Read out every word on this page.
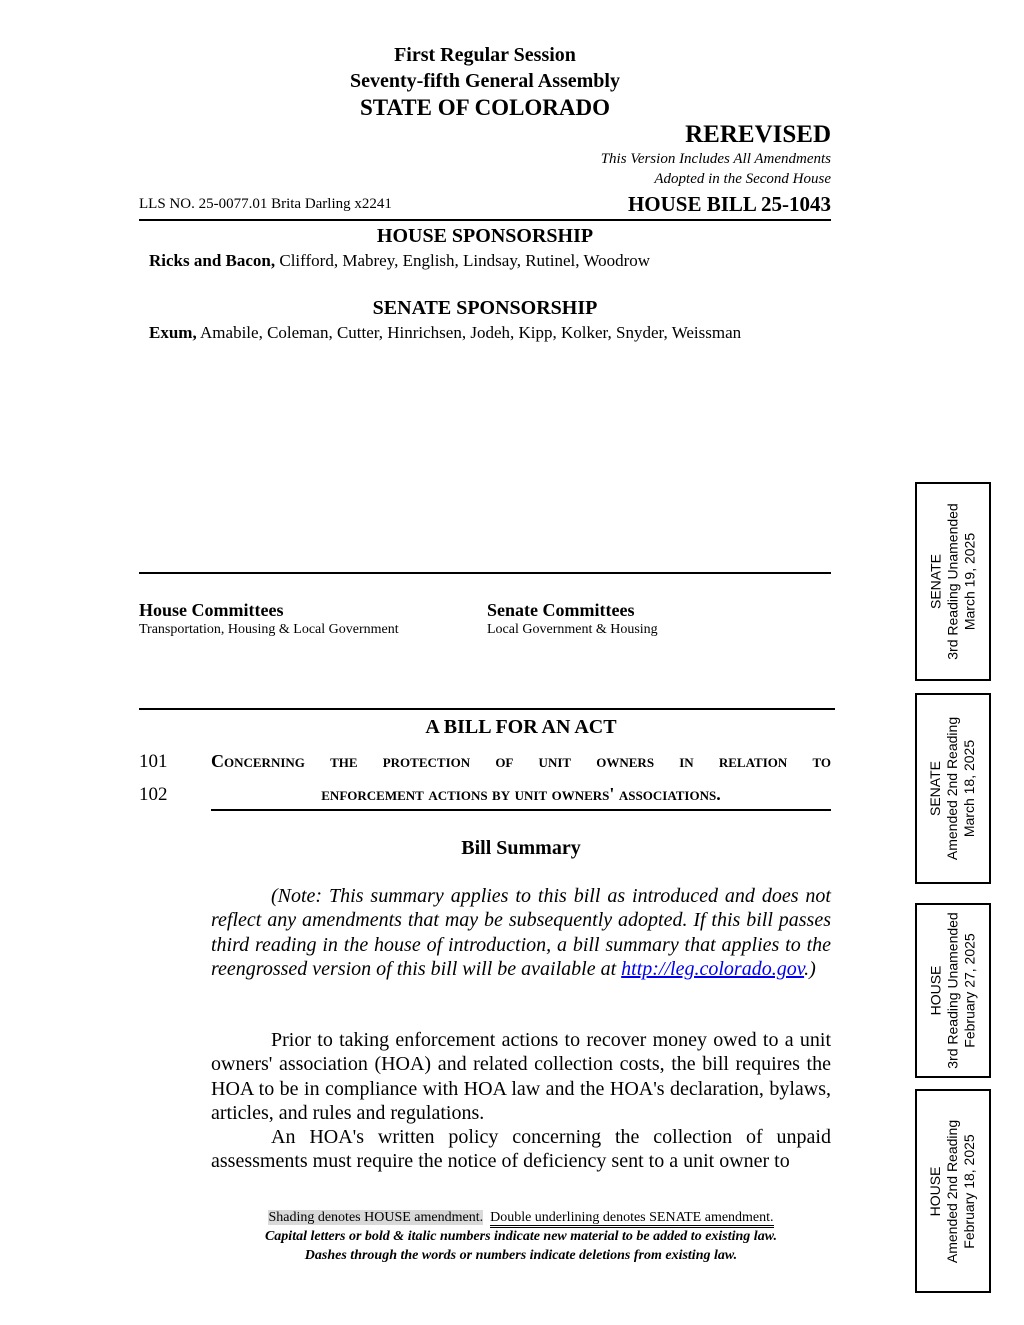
First Regular Session
Seventy-fifth General Assembly
STATE OF COLORADO
REREVISED
This Version Includes All Amendments
Adopted in the Second House
LLS NO. 25-0077.01 Brita Darling x2241	HOUSE BILL 25-1043
HOUSE SPONSORSHIP
Ricks and Bacon, Clifford, Mabrey, English, Lindsay, Rutinel, Woodrow
SENATE SPONSORSHIP
Exum, Amabile, Coleman, Cutter, Hinrichsen, Jodeh, Kipp, Kolker, Snyder, Weissman
House Committees
Transportation, Housing & Local Government
Senate Committees
Local Government & Housing
A BILL FOR AN ACT
101 Concerning the protection of unit owners in relation to
102	enforcement actions by unit owners' associations.
Bill Summary

(Note: This summary applies to this bill as introduced and does not reflect any amendments that may be subsequently adopted. If this bill passes third reading in the house of introduction, a bill summary that applies to the reengrossed version of this bill will be available at http://leg.colorado.gov.)

Prior to taking enforcement actions to recover money owed to a unit owners' association (HOA) and related collection costs, the bill requires the HOA to be in compliance with HOA law and the HOA's declaration, bylaws, articles, and rules and regulations.

An HOA's written policy concerning the collection of unpaid assessments must require the notice of deficiency sent to a unit owner to

Shading denotes HOUSE amendment. Double underlining denotes SENATE amendment.
Capital letters or bold & italic numbers indicate new material to be added to existing law.
Dashes through the words or numbers indicate deletions from existing law.
SENATE 3rd Reading Unamended March 19, 2025
SENATE Amended 2nd Reading March 18, 2025
HOUSE 3rd Reading Unamended February 27, 2025
HOUSE Amended 2nd Reading February 18, 2025
